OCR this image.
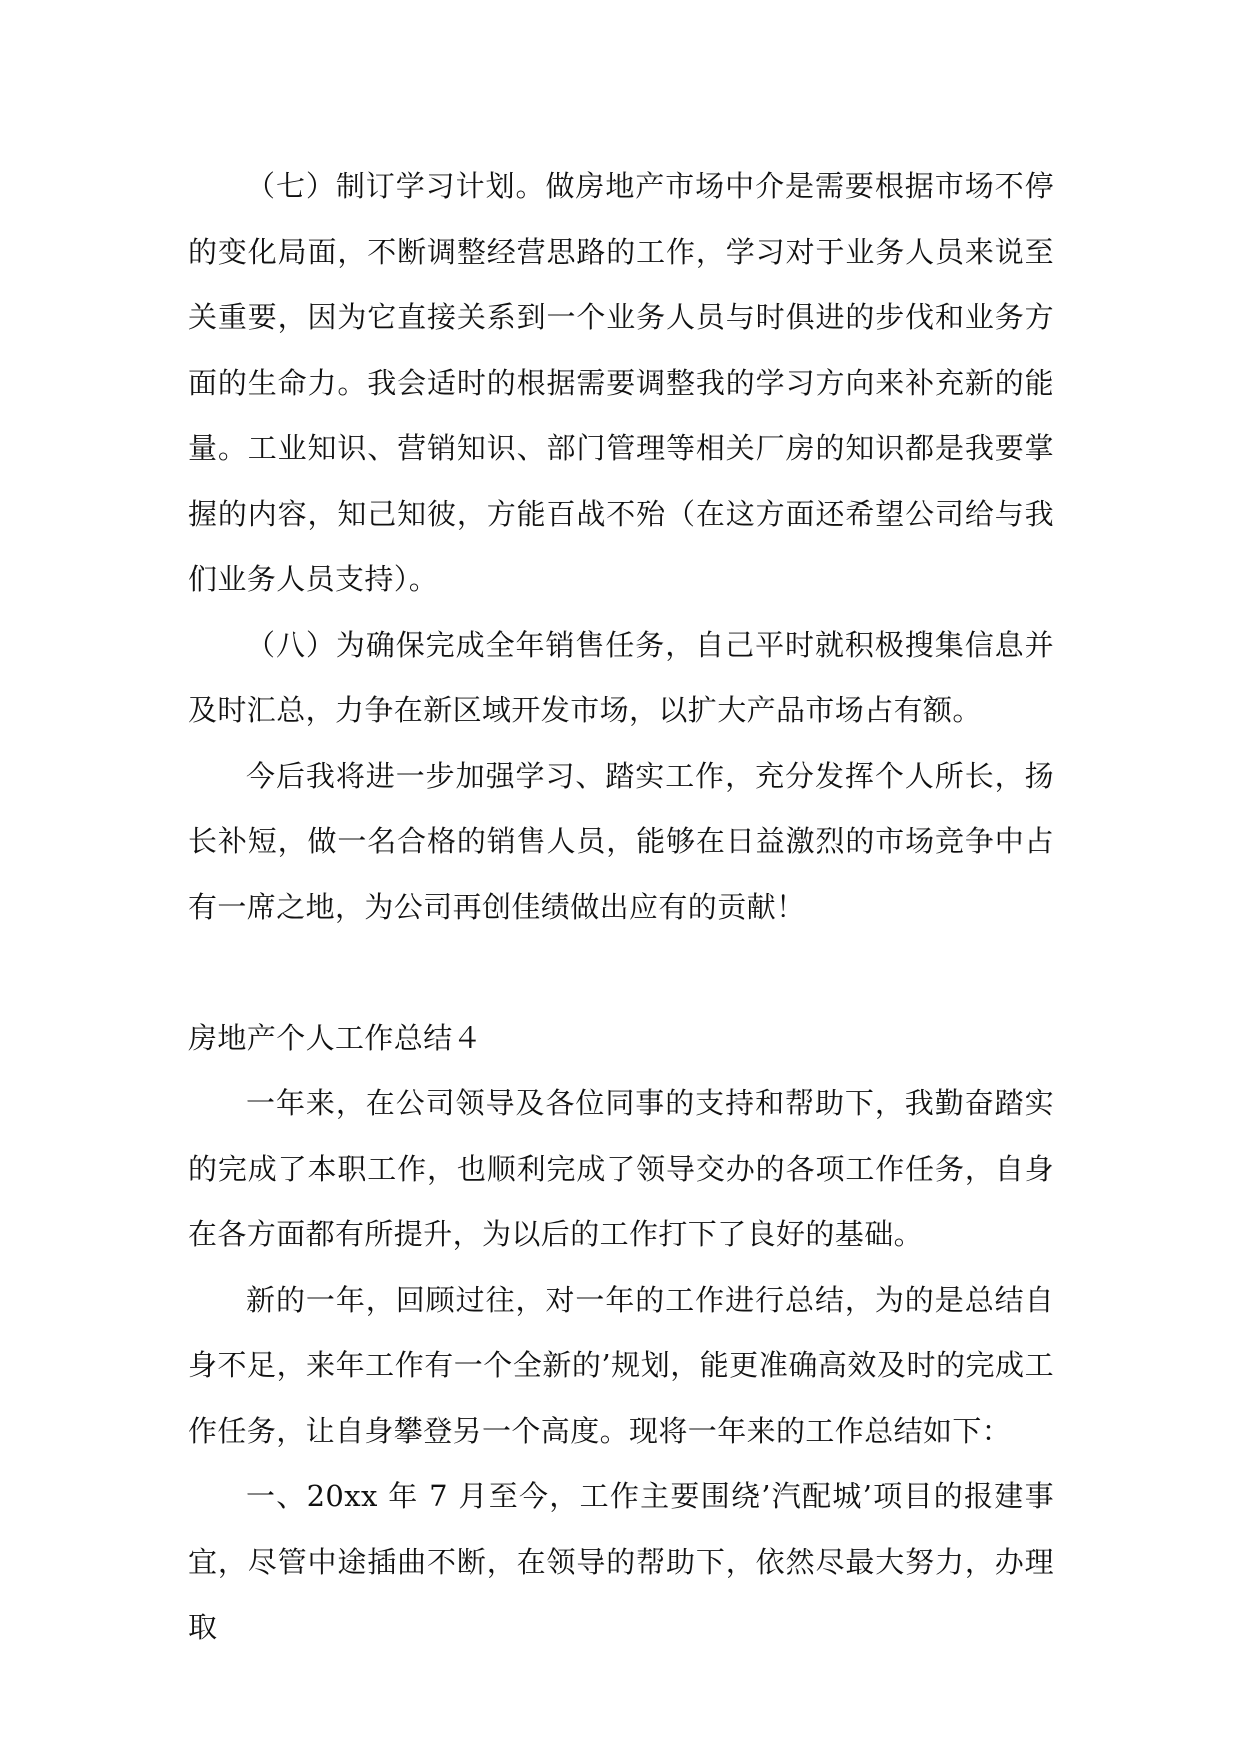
（七）制订学习计划。做房地产市场中介是需要根据市场不停的变化局面，不断调整经营思路的工作，学习对于业务人员来说至关重要，因为它直接关系到一个业务人员与时俱进的步伐和业务方面的生命力。我会适时的根据需要调整我的学习方向来补充新的能量。工业知识、营销知识、部门管理等相关厂房的知识都是我要掌握的内容，知己知彼，方能百战不殆（在这方面还希望公司给与我们业务人员支持）。

（八）为确保完成全年销售任务，自己平时就积极搜集信息并及时汇总，力争在新区域开发市场，以扩大产品市场占有额。

今后我将进一步加强学习、踏实工作，充分发挥个人所长，扬长补短，做一名合格的销售人员，能够在日益激烈的市场竞争中占有一席之地，为公司再创佳绩做出应有的贡献！

房地产个人工作总结４

一年来，在公司领导及各位同事的支持和帮助下，我勤奋踏实的完成了本职工作，也顺利完成了领导交办的各项工作任务，自身在各方面都有所提升，为以后的工作打下了良好的基础。

新的一年，回顾过往，对一年的工作进行总结，为的是总结自身不足，来年工作有一个全新的’规划，能更准确高效及时的完成工作任务，让自身攀登另一个高度。现将一年来的工作总结如下：

一、20xx 年 7 月至今，工作主要围绕’汽配城’项目的报建事宜，尽管中途插曲不断，在领导的帮助下，依然尽最大努力，办理取
